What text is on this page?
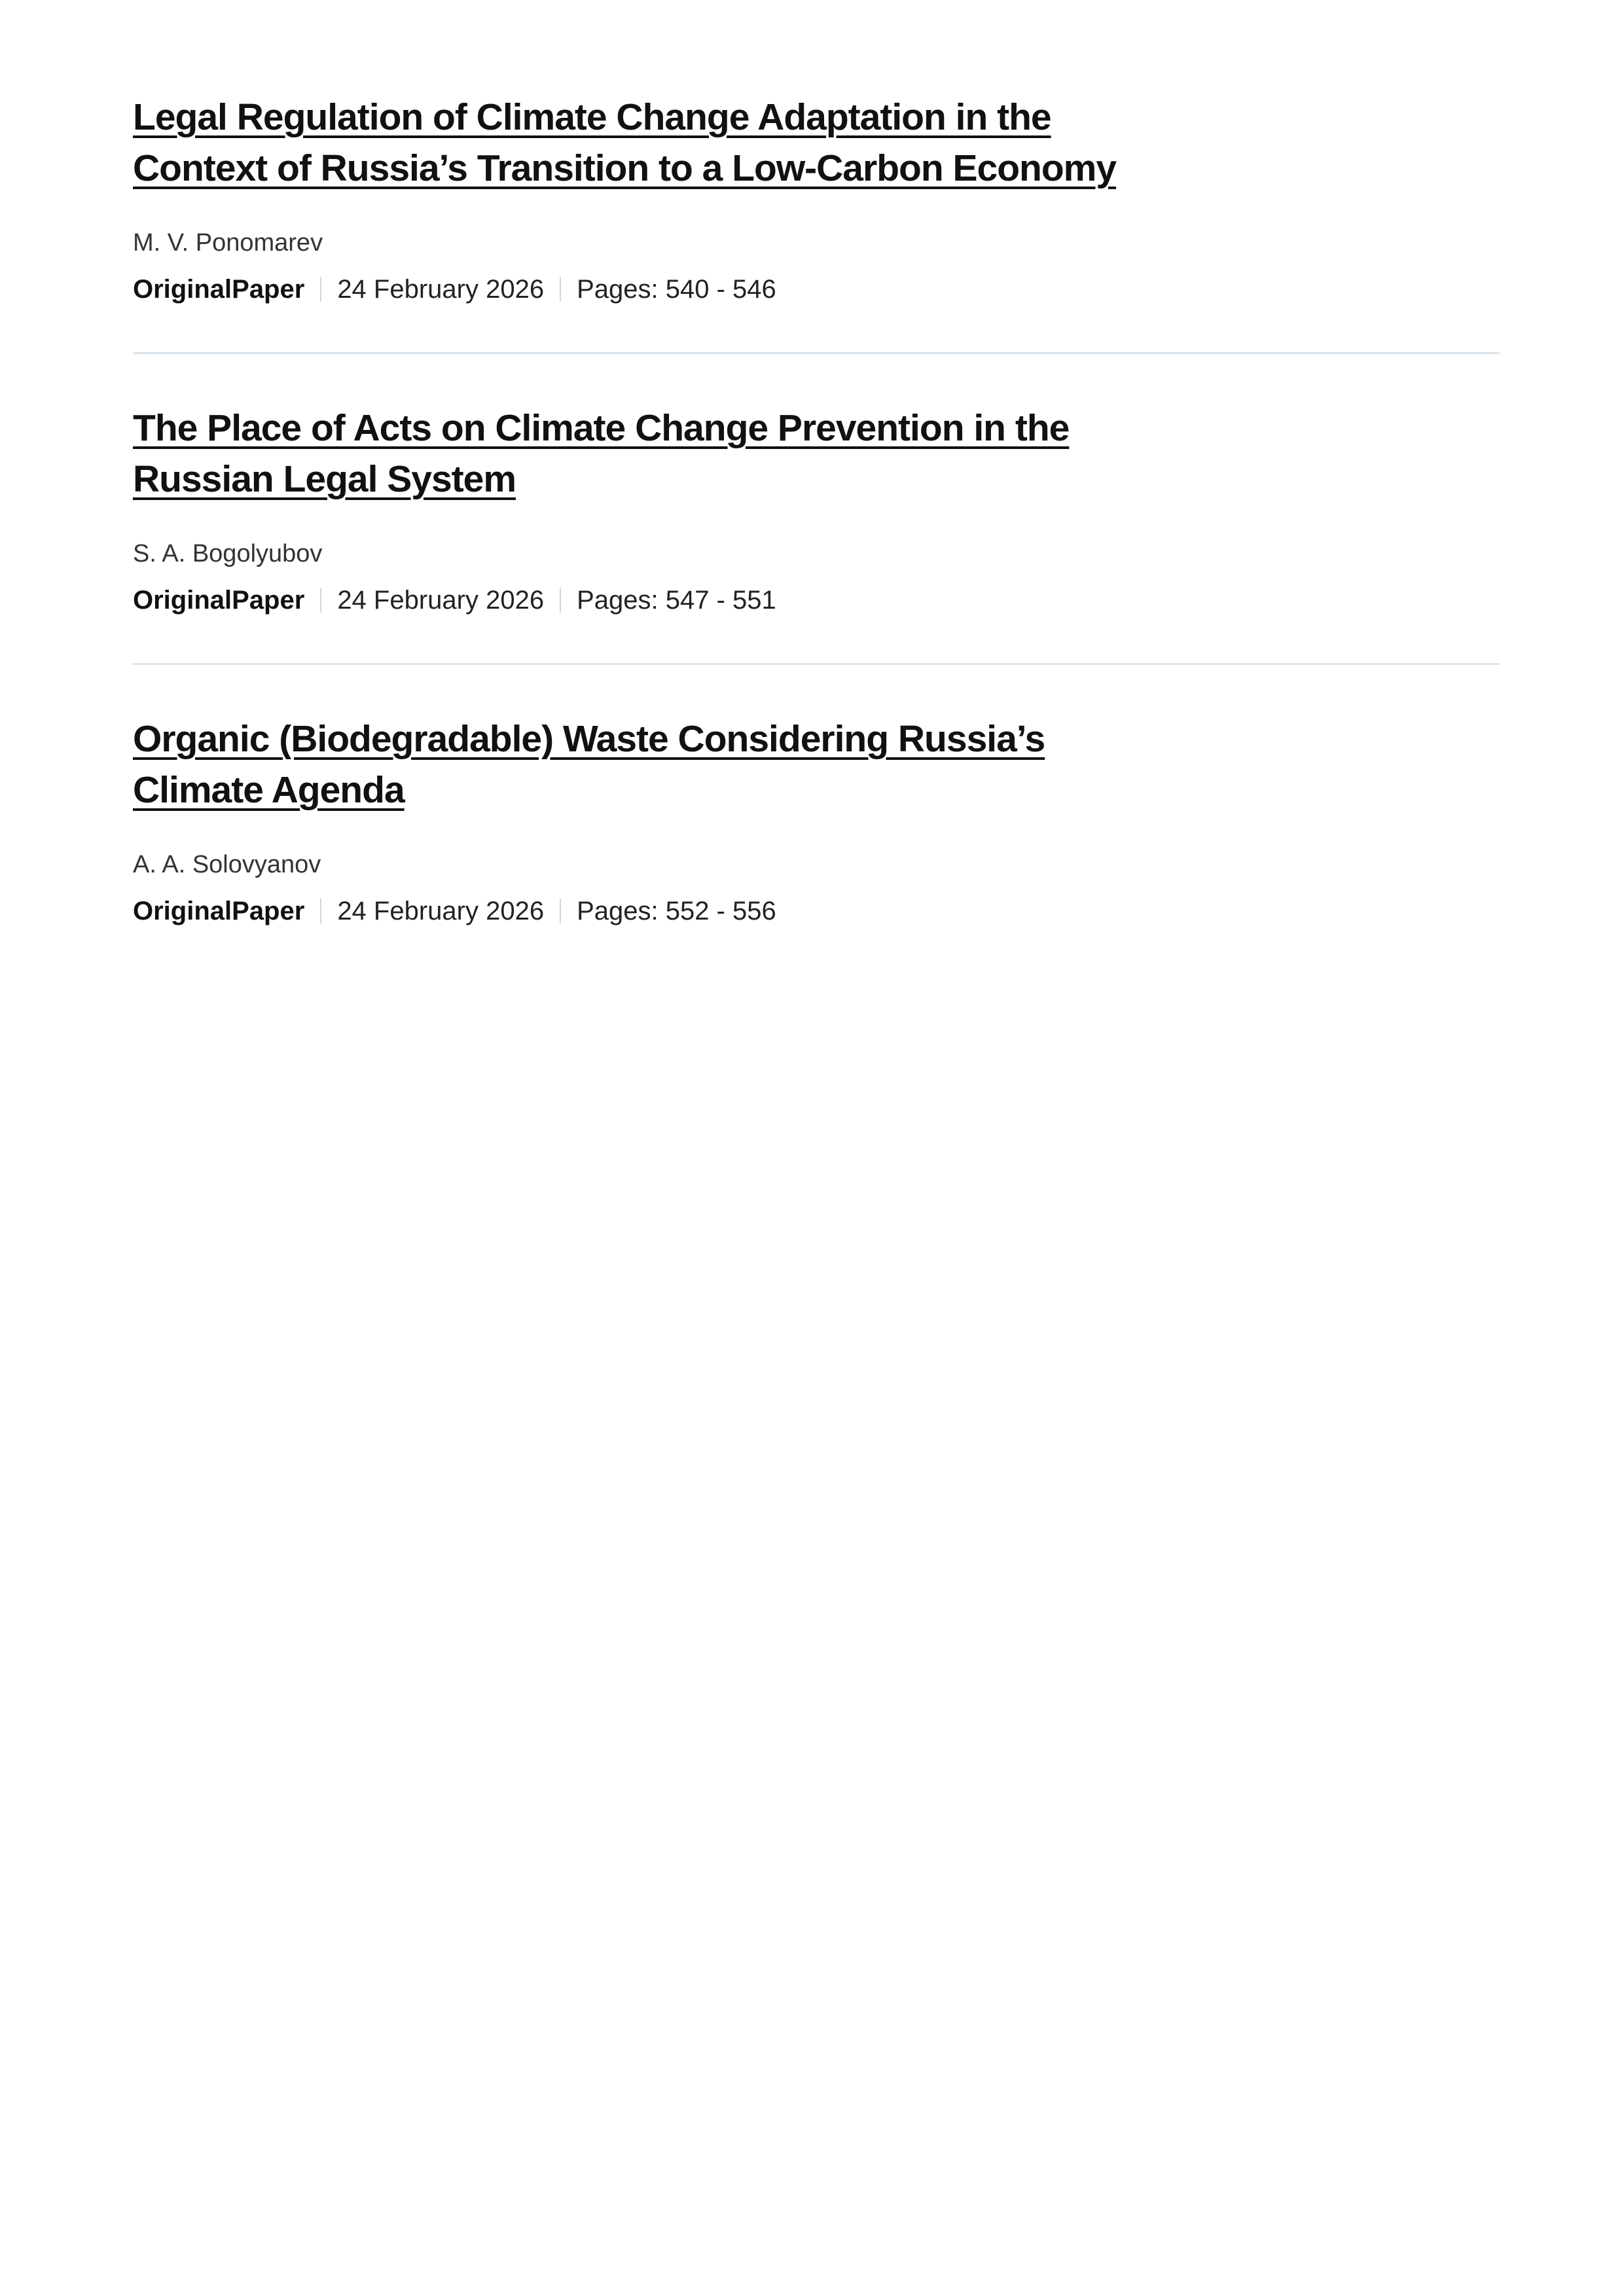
Legal Regulation of Climate Change Adaptation in the Context of Russia’s Transition to a Low-Carbon Economy
M. V. Ponomarev
OriginalPaper 24 February 2026 Pages: 540 - 546
The Place of Acts on Climate Change Prevention in the Russian Legal System
S. A. Bogolyubov
OriginalPaper 24 February 2026 Pages: 547 - 551
Organic (Biodegradable) Waste Considering Russia’s Climate Agenda
A. A. Solovyanov
OriginalPaper 24 February 2026 Pages: 552 - 556
